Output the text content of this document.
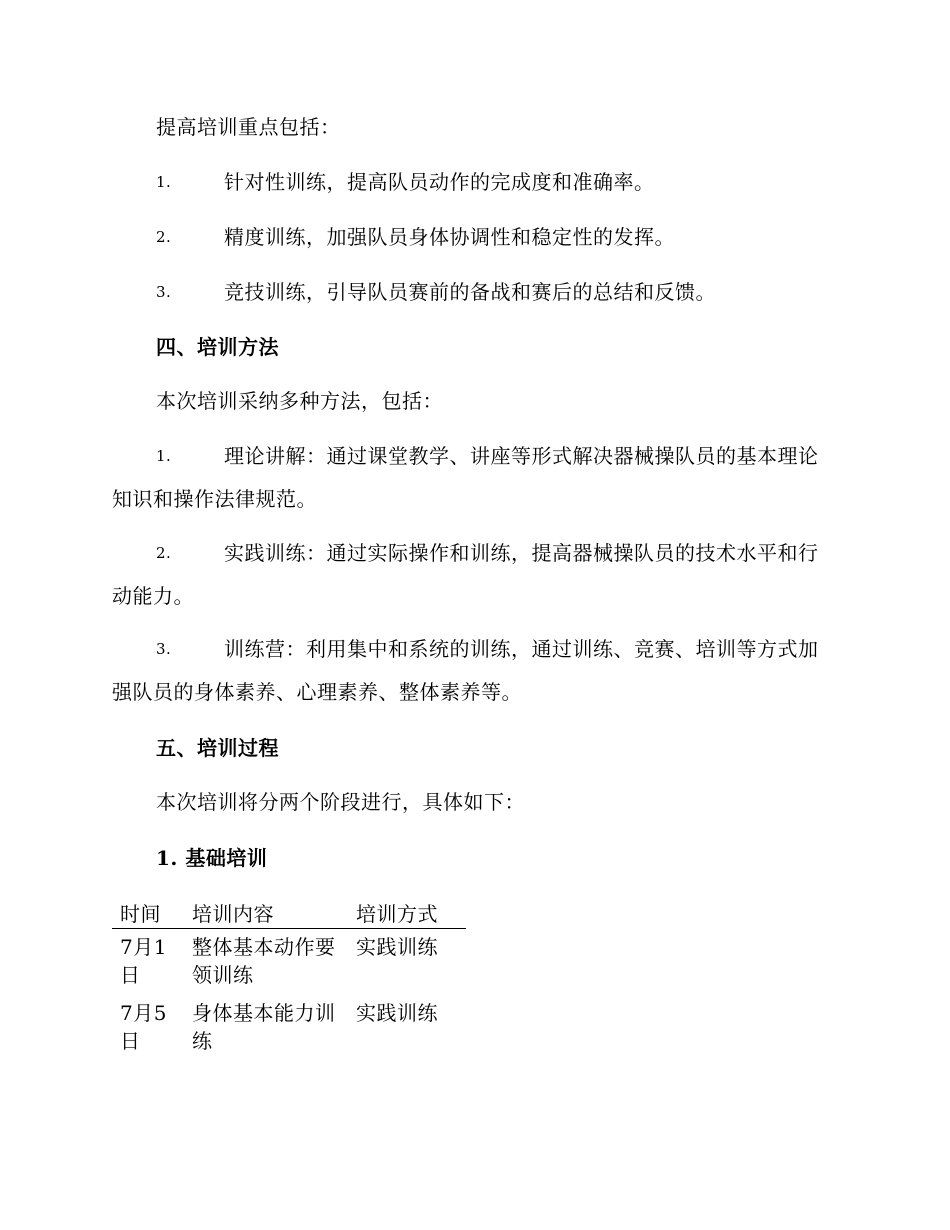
提高培训重点包括：
1.	针对性训练，提高队员动作的完成度和准确率。
2.	精度训练，加强队员身体协调性和稳定性的发挥。
3.	竞技训练，引导队员赛前的备战和赛后的总结和反馈。
四、培训方法
本次培训采纳多种方法，包括：
1.	理论讲解：通过课堂教学、讲座等形式解决器械操队员的基本理论知识和操作法律规范。
2.	实践训练：通过实际操作和训练，提高器械操队员的技术水平和行动能力。
3.	训练营：利用集中和系统的训练，通过训练、竞赛、培训等方式加强队员的身体素养、心理素养、整体素养等。
五、培训过程
本次培训将分两个阶段进行，具体如下：
1. 基础培训
时间	培训内容	培训方式
7月1日	整体基本动作要领训练	实践训练
7月5日	身体基本能力训练	实践训练
